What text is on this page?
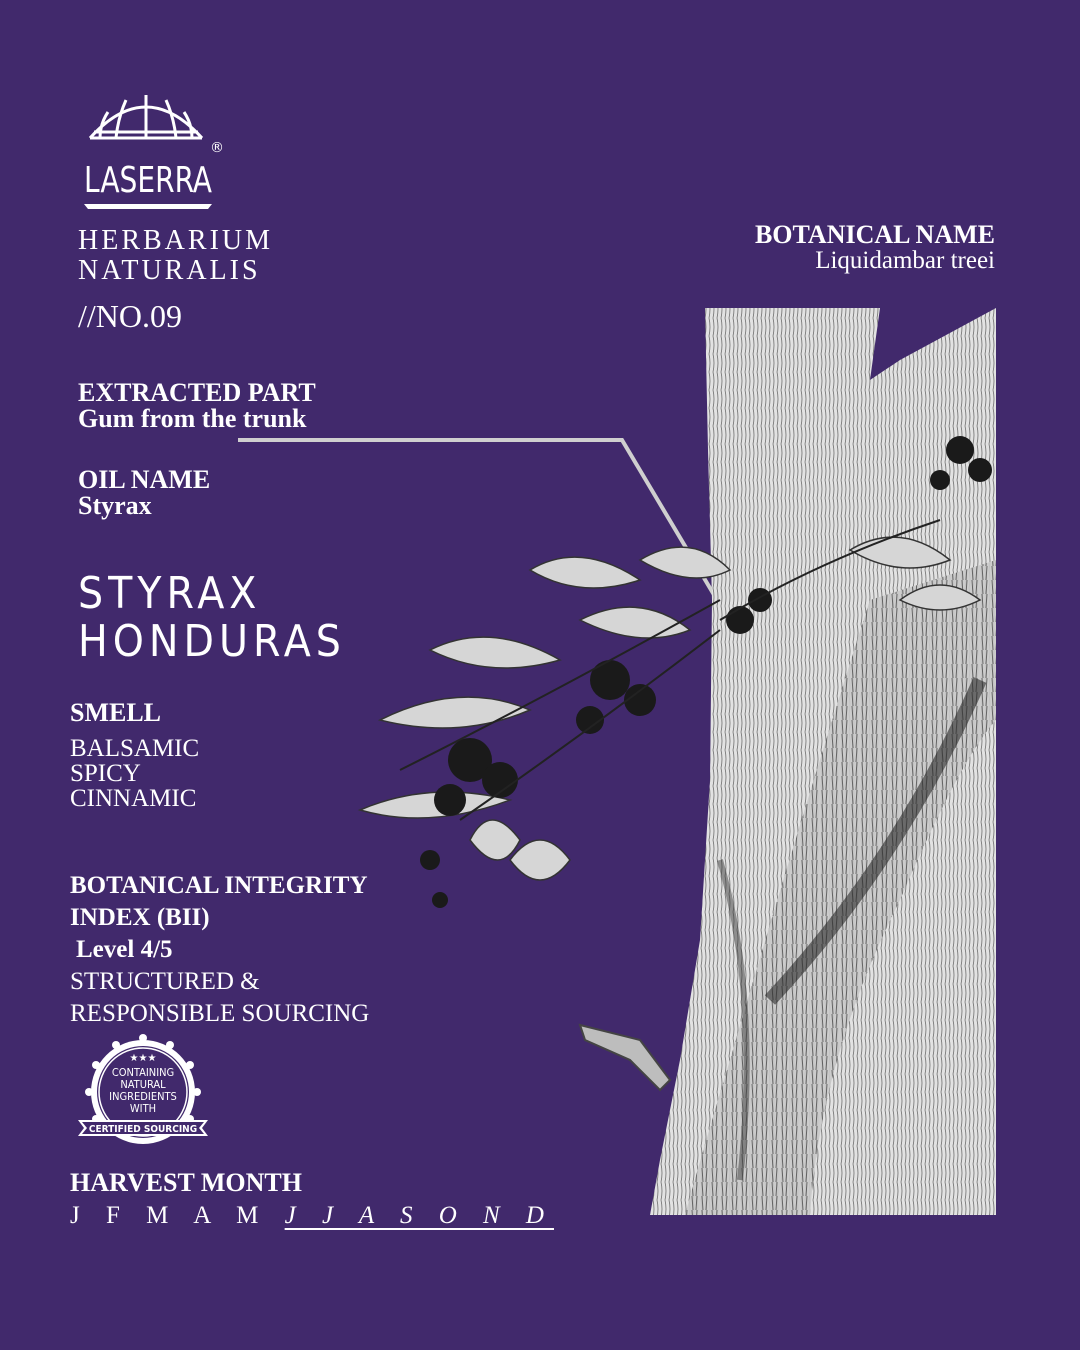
®
LASERRA
HERBARIUM
NATURALIS
//NO.09
EXTRACTED PART
Gum from the trunk
OIL NAME
Styrax
STYRAX
HONDURAS
SMELL
BALSAMIC
SPICY
CINNAMIC
BOTANICAL INTEGRITY
INDEX (BII)
Level 4/5
STRUCTURED &
RESPONSIBLE SOURCING
★★★
CONTAINING
NATURAL
INGREDIENTS
WITH
CERTIFIED SOURCING
HARVEST MONTH
J F M A M J J A S O N D
BOTANICAL NAME
Liquidambar treei
